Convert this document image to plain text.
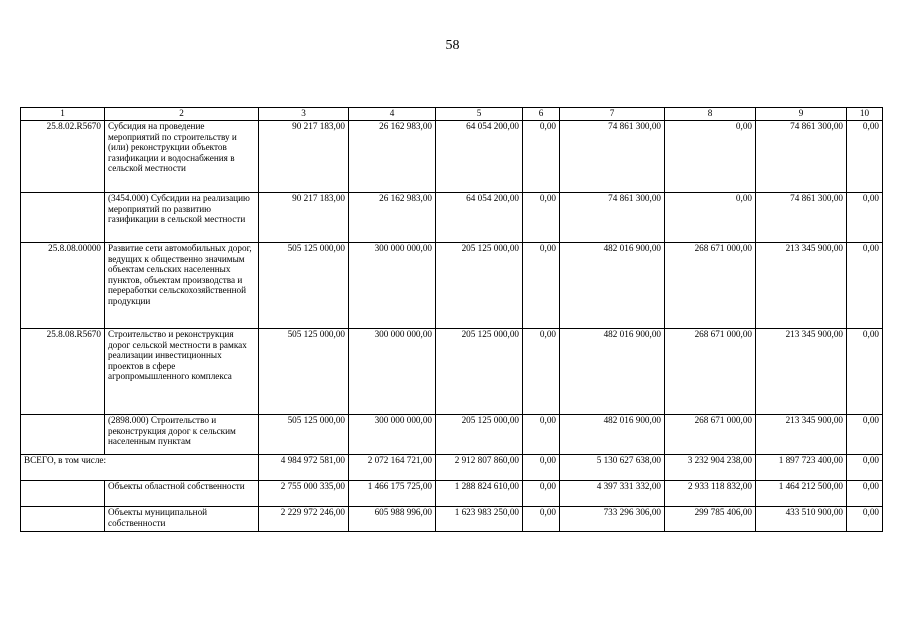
58
1	2	3	4	5	6	7	8	9	10
25.8.02.R5670	Субсидия на проведение мероприятий по строительству и (или) реконструкции объектов газификации и водоснабжения в сельской местности	90 217 183,00	26 162 983,00	64 054 200,00	0,00	74 861 300,00	0,00	74 861 300,00	0,00
	(3454.000) Субсидии на реализацию мероприятий по развитию газификации в сельской местности	90 217 183,00	26 162 983,00	64 054 200,00	0,00	74 861 300,00	0,00	74 861 300,00	0,00
25.8.08.00000	Развитие сети автомобильных дорог, ведущих к общественно значимым объектам сельских населенных пунктов, объектам производства и переработки сельскохозяйственной продукции	505 125 000,00	300 000 000,00	205 125 000,00	0,00	482 016 900,00	268 671 000,00	213 345 900,00	0,00
25.8.08.R5670	Строительство и реконструкция дорог сельской местности в рамках реализации инвестиционных проектов в сфере агропромышленного комплекса	505 125 000,00	300 000 000,00	205 125 000,00	0,00	482 016 900,00	268 671 000,00	213 345 900,00	0,00
	(2898.000) Строительство и реконструкция дорог к сельским населенным пунктам	505 125 000,00	300 000 000,00	205 125 000,00	0,00	482 016 900,00	268 671 000,00	213 345 900,00	0,00
ВСЕГО, в том числе:		4 984 972 581,00	2 072 164 721,00	2 912 807 860,00	0,00	5 130 627 638,00	3 232 904 238,00	1 897 723 400,00	0,00
	Объекты областной собственности	2 755 000 335,00	1 466 175 725,00	1 288 824 610,00	0,00	4 397 331 332,00	2 933 118 832,00	1 464 212 500,00	0,00
	Объекты муниципальной собственности	2 229 972 246,00	605 988 996,00	1 623 983 250,00	0,00	733 296 306,00	299 785 406,00	433 510 900,00	0,00
